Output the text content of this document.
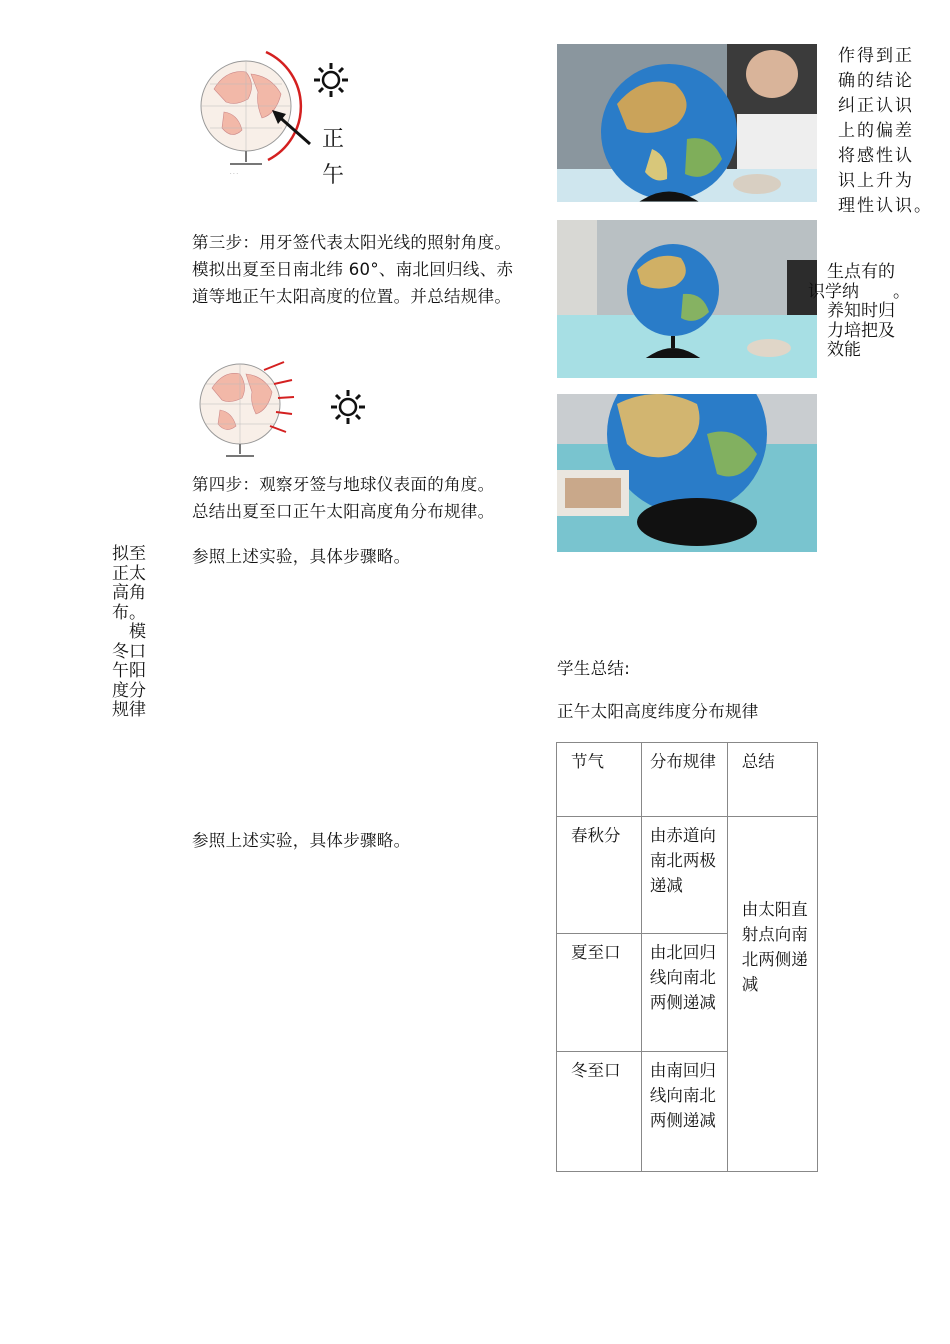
· · ·
正
午
第三步：用牙签代表太阳光线的照射角度。
模拟出夏至日南北纬 60°、南北回归线、赤
道等地正午太阳高度的位置。并总结规律。
第四步：观察牙签与地球仪表面的角度。
总结出夏至口正午太阳高度角分布规律。
参照上述实验，具体步骤略。
参照上述实验，具体步骤略。
拟至
正太
高角
布。
　模
冬口
午阳
度分
规律
作得到正
确的结论
纠正认识
上的偏差
将感性认
识上升为
理性认识。
生点有的
识学纳　　。
养知时归
力培把及
效能
学生总结:
正午太阳高度纬度分布规律
节气	分布规律	总结
春秋分	由赤道向南北两极递减	由太阳直射点向南北两侧递减
夏至口	由北回归线向南北两侧递减	
冬至口	由南回归线向南北两侧递减	
